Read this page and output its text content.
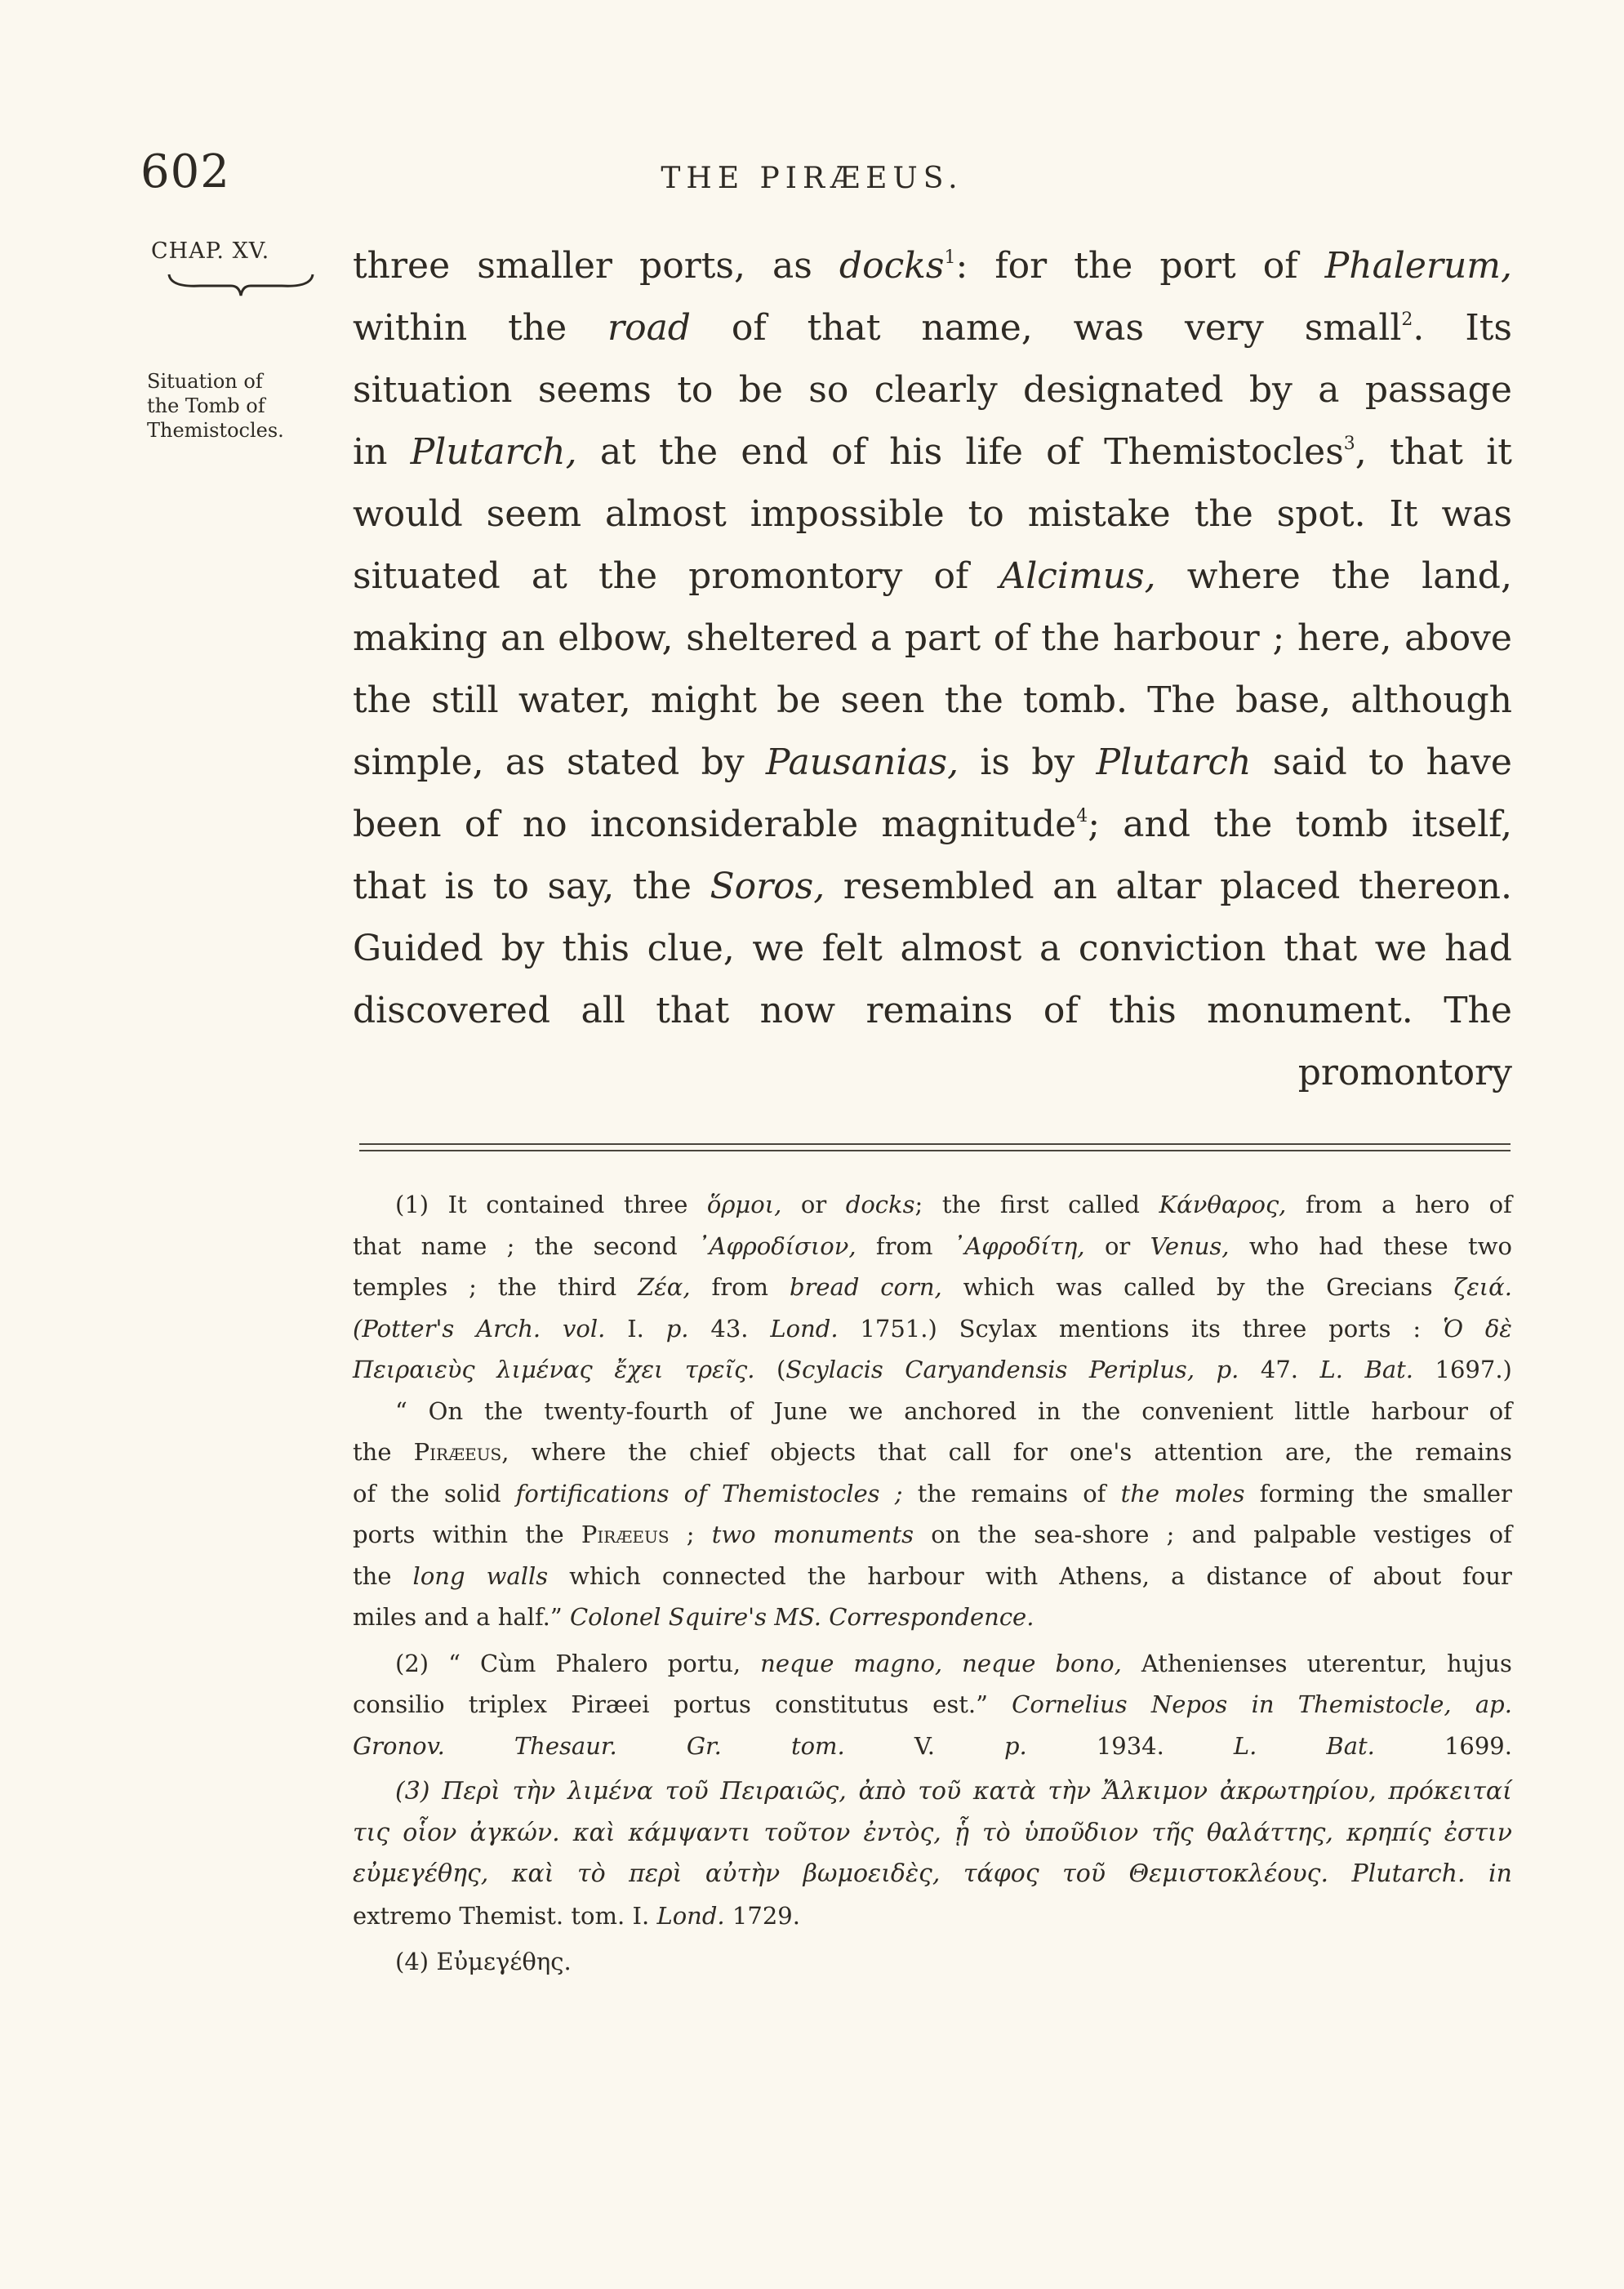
602	THE PIRÆEUS.
CHAP. XV.
Situation of
the Tomb of
Themistocles.
three smaller ports, as docks$^1$: for the port of Phalerum,
within the road of that name, was very small$^2$. Its
situation seems to be so clearly designated by a passage
in Plutarch, at the end of his life of Themistocles$^3$, that it
would seem almost impossible to mistake the spot. It was
situated at the promontory of Alcimus, where the land,
making an elbow, sheltered a part of the harbour ; here, above
the still water, might be seen the tomb. The base, although
simple, as stated by Pausanias, is by Plutarch said to have
been of no inconsiderable magnitude$^4$; and the tomb itself,
that is to say, the Soros, resembled an altar placed thereon.
Guided by this clue, we felt almost a conviction that we had
discovered all that now remains of this monument. The
promontory
(1) It contained three ὅρμοι, or docks; the first called Κάνθαρος, from a hero of
that name ; the second ᾿Αφροδίσιον, from ᾿Αφροδίτη, or Venus, who had these two
temples ; the third Ζέα, from bread corn, which was called by the Grecians ζειά.
(Potter's Arch. vol. I. p. 43. Lond. 1751.) Scylax mentions its three ports : Ὁ δὲ
Πειραιεὺς λιμένας ἔχει τρεῖς. (Scylacis Caryandensis Periplus, p. 47. L. Bat. 1697.)
“ On the twenty-fourth of June we anchored in the convenient little harbour of
the Piræeus, where the chief objects that call for one's attention are, the remains
of the solid fortifications of Themistocles ; the remains of the moles forming the smaller
ports within the Piræeus ; two monuments on the sea-shore ; and palpable vestiges of
the long walls which connected the harbour with Athens, a distance of about four
miles and a half.” Colonel Squire's MS. Correspondence.
(2) “ Cùm Phalero portu, neque magno, neque bono, Athenienses uterentur, hujus
consilio triplex Piræei portus constitutus est.” Cornelius Nepos in Themistocle, ap.
Gronov.	Thesaur.	Gr.	tom.	V.	p.	1934.	L.	Bat.	1699.
(3) Περὶ τὴν λιμένα τοῦ Πειραιῶς, ἀπὸ τοῦ κατὰ τὴν Ἄλκιμον ἀκρωτηρίου, πρόκειταί
τις οἷον ἀγκών. καὶ κάμψαντι τοῦτον ἐντὸς, ᾗ τὸ ὑποῦδιον τῆς θαλάττης, κρηπίς ἐστιν
εὐμεγέθης, καὶ τὸ περὶ αὐτὴν βωμοειδὲς, τάφος τοῦ Θεμιστοκλέους. Plutarch. in
extremo Themist. tom. I. Lond. 1729.
(4) Εὐμεγέθης.
